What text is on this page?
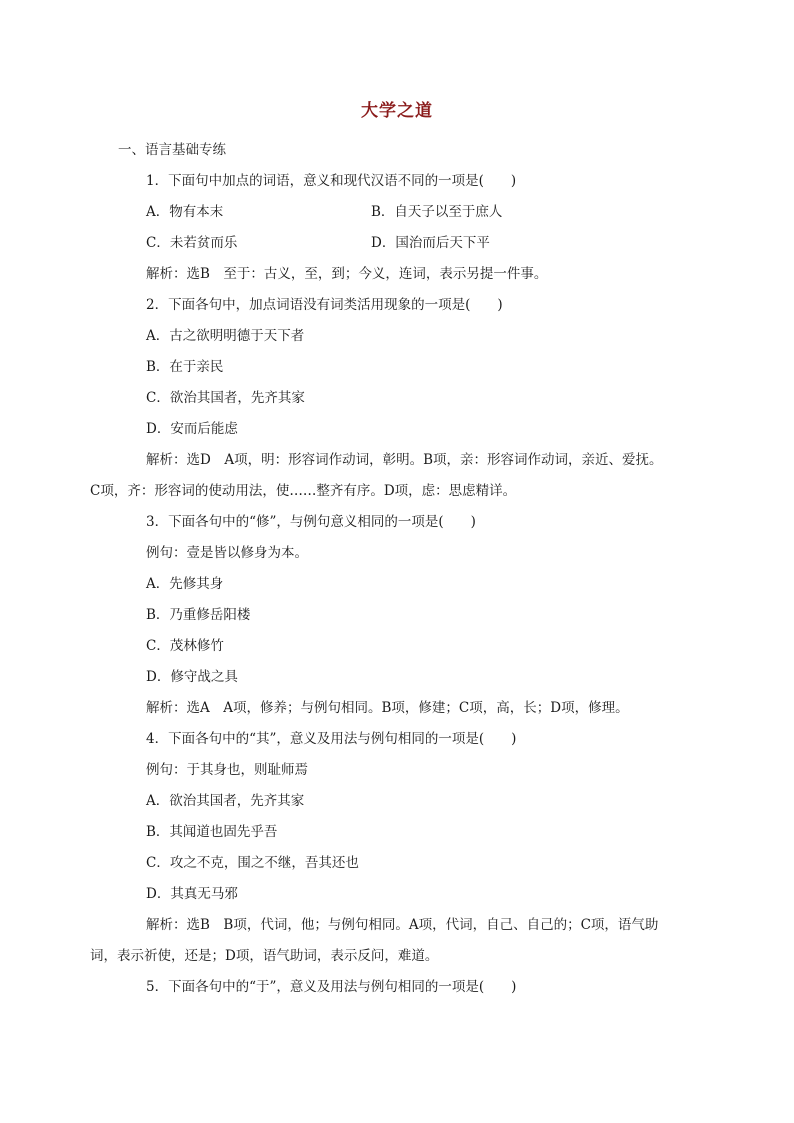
大学之道
一、语言基础专练
1．下面句中加点的词语，意义和现代汉语不同的一项是(　　)
A．物有本末	B．自天子以至于庶人
C．未若贫而乐	D．国治而后天下平
解析：选B　至于：古义，至，到；今义，连词，表示另提一件事。
2．下面各句中，加点词语没有词类活用现象的一项是(　　)
A．古之欲明明德于天下者
B．在于亲民
C．欲治其国者，先齐其家
D．安而后能虑
解析：选D　A项，明：形容词作动词，彰明。B项，亲：形容词作动词，亲近、爱抚。
C项，齐：形容词的使动用法，使……整齐有序。D项，虑：思虑精详。
3．下面各句中的“修”，与例句意义相同的一项是(　　)
例句：壹是皆以修身为本。
A．先修其身
B．乃重修岳阳楼
C．茂林修竹
D．修守战之具
解析：选A　A项，修养；与例句相同。B项，修建；C项，高，长；D项，修理。
4．下面各句中的“其”，意义及用法与例句相同的一项是(　　)
例句：于其身也，则耻师焉
A．欲治其国者，先齐其家
B．其闻道也固先乎吾
C．攻之不克，围之不继，吾其还也
D．其真无马邪
解析：选B　B项，代词，他；与例句相同。A项，代词，自己、自己的；C项，语气助
词，表示祈使，还是；D项，语气助词，表示反问，难道。
5．下面各句中的“于”，意义及用法与例句相同的一项是(　　)
